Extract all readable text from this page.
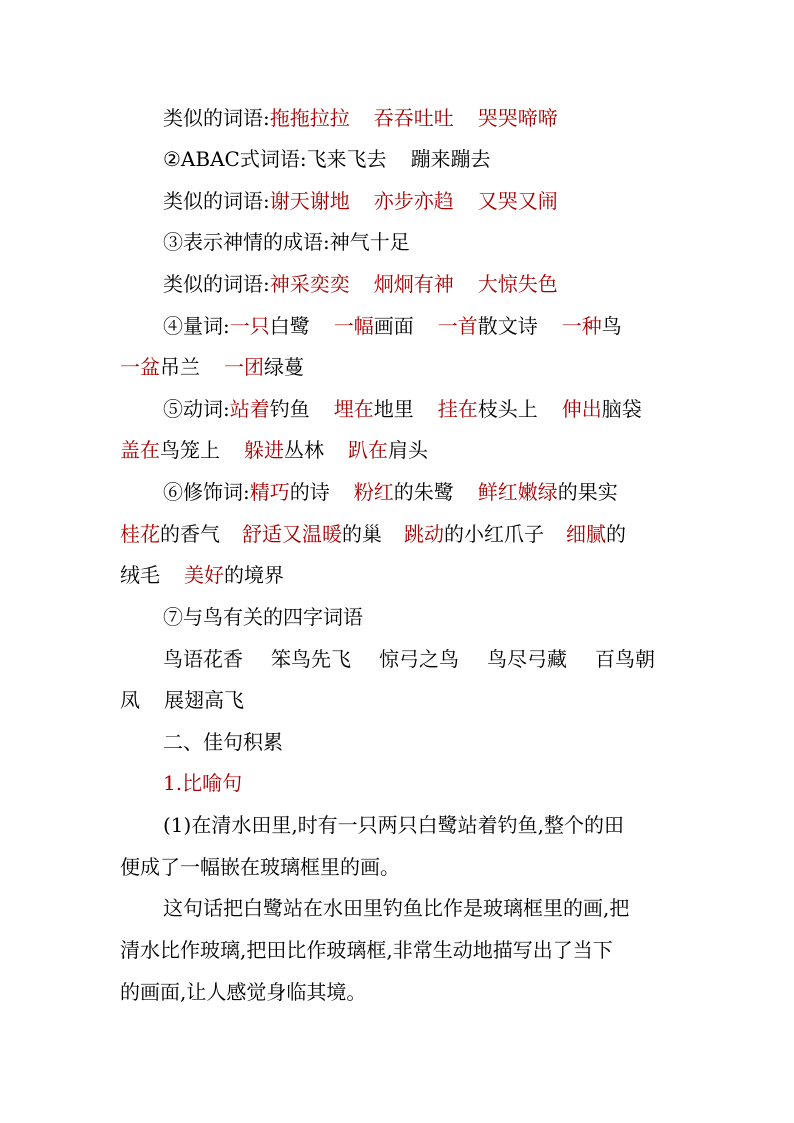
类似的词语:拖拖拉拉 吞吞吐吐 哭哭啼啼
②ABAC式词语:飞来飞去 蹦来蹦去
类似的词语:谢天谢地 亦步亦趋 又哭又闹
③表示神情的成语:神气十足
类似的词语:神采奕奕 炯炯有神 大惊失色
④量词:一只白鹭 一幅画面 一首散文诗 一种鸟
一盆吊兰 一团绿蔓
⑤动词:站着钓鱼 埋在地里 挂在枝头上 伸出脑袋
盖在鸟笼上 躲进丛林 趴在肩头
⑥修饰词:精巧的诗 粉红的朱鹭 鲜红嫩绿的果实
桂花的香气 舒适又温暖的巢 跳动的小红爪子 细腻的
绒毛 美好的境界
⑦与鸟有关的四字词语
鸟语花香 笨鸟先飞 惊弓之鸟 鸟尽弓藏 百鸟朝
凤 展翅高飞
二、佳句积累
1.比喻句
(1)在清水田里,时有一只两只白鹭站着钓鱼,整个的田
便成了一幅嵌在玻璃框里的画。
这句话把白鹭站在水田里钓鱼比作是玻璃框里的画,把
清水比作玻璃,把田比作玻璃框,非常生动地描写出了当下
的画面,让人感觉身临其境。
